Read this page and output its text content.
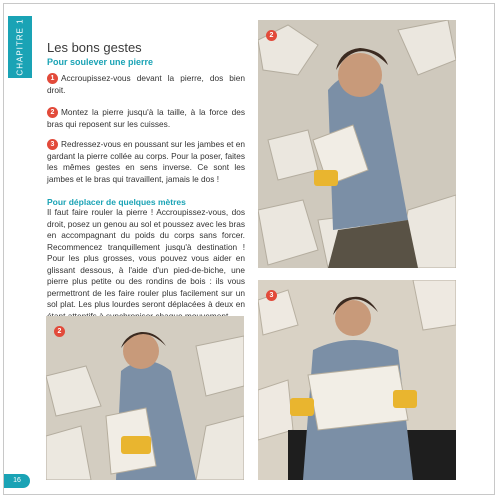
CHAPITRE 1 Les bons gestes
Pour soulever une pierre
1 Accroupissez-vous devant la pierre, dos bien droit.
2 Montez la pierre jusqu'à la taille, à la force des bras qui reposent sur les cuisses.
3 Redressez-vous en poussant sur les jambes et en gardant la pierre collée au corps. Pour la poser, faites les mêmes gestes en sens inverse. Ce sont les jambes et le bras qui travaillent, jamais le dos !
Pour déplacer de quelques mètres
Il faut faire rouler la pierre ! Accroupissez-vous, dos droit, posez un genou au sol et poussez avec les bras en accompagnant du poids du corps sans forcer. Recommencez tranquillement jusqu'à destination ! Pour les plus grosses, vous pouvez vous aider en glissant dessous, à l'aide d'un pied-de-biche, une pierre plus petite ou des rondins de bois : ils vous permettront de les faire rouler plus facilement sur un sol plat. Les plus lourdes seront déplacées à deux en
2
2
3
16
